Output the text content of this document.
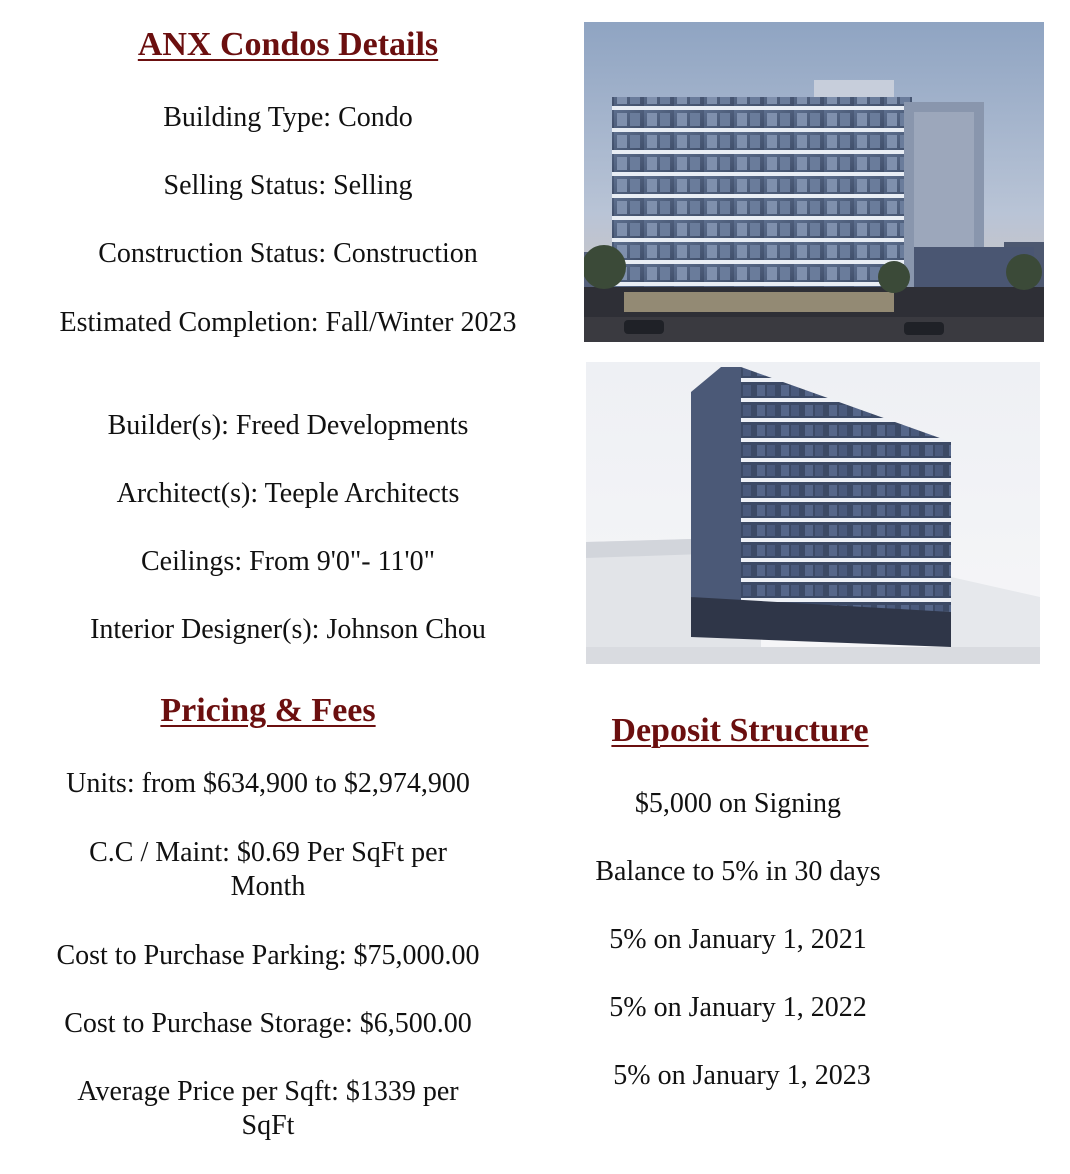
ANX Condos Details

Building Type: Condo

Selling Status: Selling

Construction Status: Construction

Estimated Completion: Fall/Winter 2023

Builder(s): Freed Developments

Architect(s): Teeple Architects

Ceilings: From 9'0"- 11'0"

Interior Designer(s): Johnson Chou

Pricing & Fees

Units: from $634,900 to $2,974,900

C.C / Maint: $0.69 Per SqFt per Month

Cost to Purchase Parking: $75,000.00

Cost to Purchase Storage: $6,500.00

Average Price per Sqft: $1339 per SqFt

Deposit Structure

$5,000 on Signing

Balance to 5% in 30 days

5% on January 1, 2021

5% on January 1, 2022

5% on January 1, 2023
